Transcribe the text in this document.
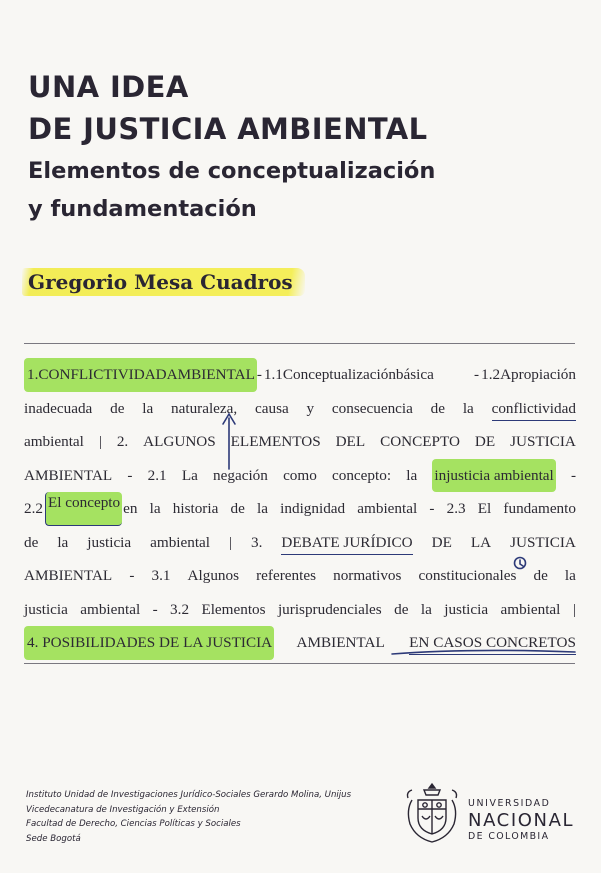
UNA IDEA
DE JUSTICIA AMBIENTAL
Elementos de conceptualización
y fundamentación
Gregorio Mesa Cuadros
1.CONFLICTIVIDADAMBIENTAL - 1.1Conceptualizaciónbásica	- 1.2Apropiación
inadecuada de la naturaleza, causa y consecuencia de la conflictividad
ambiental | 2. ALGUNOS ELEMENTOS DEL CONCEPTO DE JUSTICIA
AMBIENTAL - 2.1 La negación como concepto: la injusticia ambiental -
2.2 El concepto en la historia de la indignidad ambiental - 2.3 El fundamento
de la justicia ambiental | 3. DEBATE JURÍDICO DE LA JUSTICIA
AMBIENTAL - 3.1 Algunos referentes normativos constitucionales de la
justicia ambiental - 3.2 Elementos jurisprudenciales de la justicia ambiental |
4. POSIBILIDADES DE LA JUSTICIA AMBIENTAL EN CASOS CONCRETOS
Instituto Unidad de Investigaciones Jurídico-Sociales Gerardo Molina, Unijus
Vicedecanatura de Investigación y Extensión
Facultad de Derecho, Ciencias Políticas y Sociales
Sede Bogotá
UNIVERSIDAD
NACIONAL
DE COLOMBIA
